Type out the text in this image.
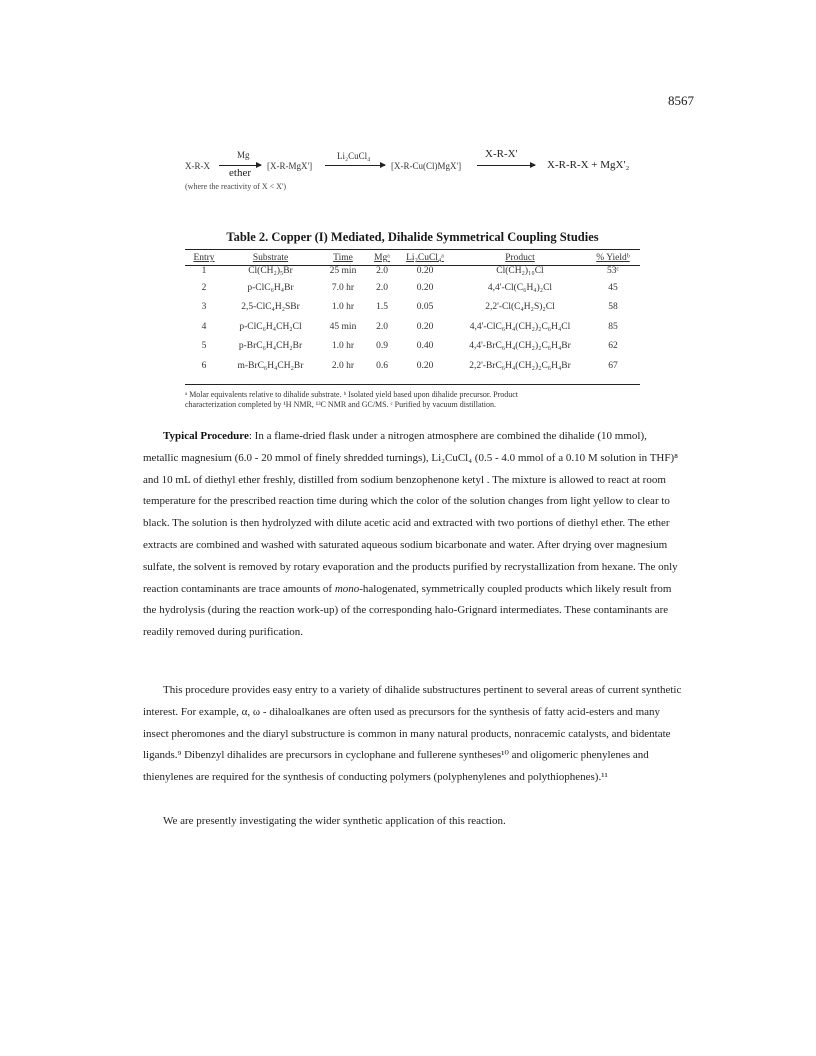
8567
X-R-X
Mg
ether
[X-R-MgX']
Li₂CuCl₄
[X-R-Cu(Cl)MgX']
X-R-X'
X-R-R-X + MgX'₂
(where the reactivity of X < X')
Table 2. Copper (I) Mediated, Dihalide Symmetrical Coupling Studies
Entry	Substrate	Time	Mgᵃ	Li₂CuCl₄ᵃ	Product	% Yieldᵇ
1	Cl(CH₂)₅Br	25 min	2.0	0.20	Cl(CH₂)₁₀Cl	53ᶜ
2	p-ClC₆H₄Br	7.0 hr	2.0	0.20	4,4'-Cl(C₆H₄)₂Cl	45
3	2,5-ClC₄H₂SBr	1.0 hr	1.5	0.05	2,2'-Cl(C₄H₂S)₂Cl	58
4	p-ClC₆H₄CH₂Cl	45 min	2.0	0.20	4,4'-ClC₆H₄(CH₂)₂C₆H₄Cl	85
5	p-BrC₆H₄CH₂Br	1.0 hr	0.9	0.40	4,4'-BrC₆H₄(CH₂)₂C₆H₄Br	62
6	m-BrC₆H₄CH₂Br	2.0 hr	0.6	0.20	2,2'-BrC₆H₄(CH₂)₂C₆H₄Br	67
ᵃ Molar equivalents relative to dihalide substrate. ᵇ Isolated yield based upon dihalide precursor. Product
characterization completed by ¹H NMR, ¹³C NMR and GC/MS. ᶜ Purified by vacuum distillation.
Typical Procedure: In a flame-dried flask under a nitrogen atmosphere are combined the dihalide (10 mmol), metallic magnesium (6.0 - 20 mmol of finely shredded turnings), Li₂CuCl₄ (0.5 - 4.0 mmol of a 0.10 M solution in THF)⁸ and 10 mL of diethyl ether freshly, distilled from sodium benzophenone ketyl . The mixture is allowed to react at room temperature for the prescribed reaction time during which the color of the solution changes from light yellow to clear to black. The solution is then hydrolyzed with dilute acetic acid and extracted with two portions of diethyl ether. The ether extracts are combined and washed with saturated aqueous sodium bicarbonate and water. After drying over magnesium sulfate, the solvent is removed by rotary evaporation and the products purified by recrystallization from hexane. The only reaction contaminants are trace amounts of mono-halogenated, symmetrically coupled products which likely result from the hydrolysis (during the reaction work-up) of the corresponding halo-Grignard intermediates. These contaminants are readily removed during purification.
This procedure provides easy entry to a variety of dihalide substructures pertinent to several areas of current synthetic interest. For example, α, ω - dihaloalkanes are often used as precursors for the synthesis of fatty acid-esters and many insect pheromones and the diaryl substructure is common in many natural products, nonracemic catalysts, and bidentate ligands.⁹ Dibenzyl dihalides are precursors in cyclophane and fullerene syntheses¹⁰ and oligomeric phenylenes and thienylenes are required for the synthesis of conducting polymers (polyphenylenes and polythiophenes).¹¹
We are presently investigating the wider synthetic application of this reaction.
